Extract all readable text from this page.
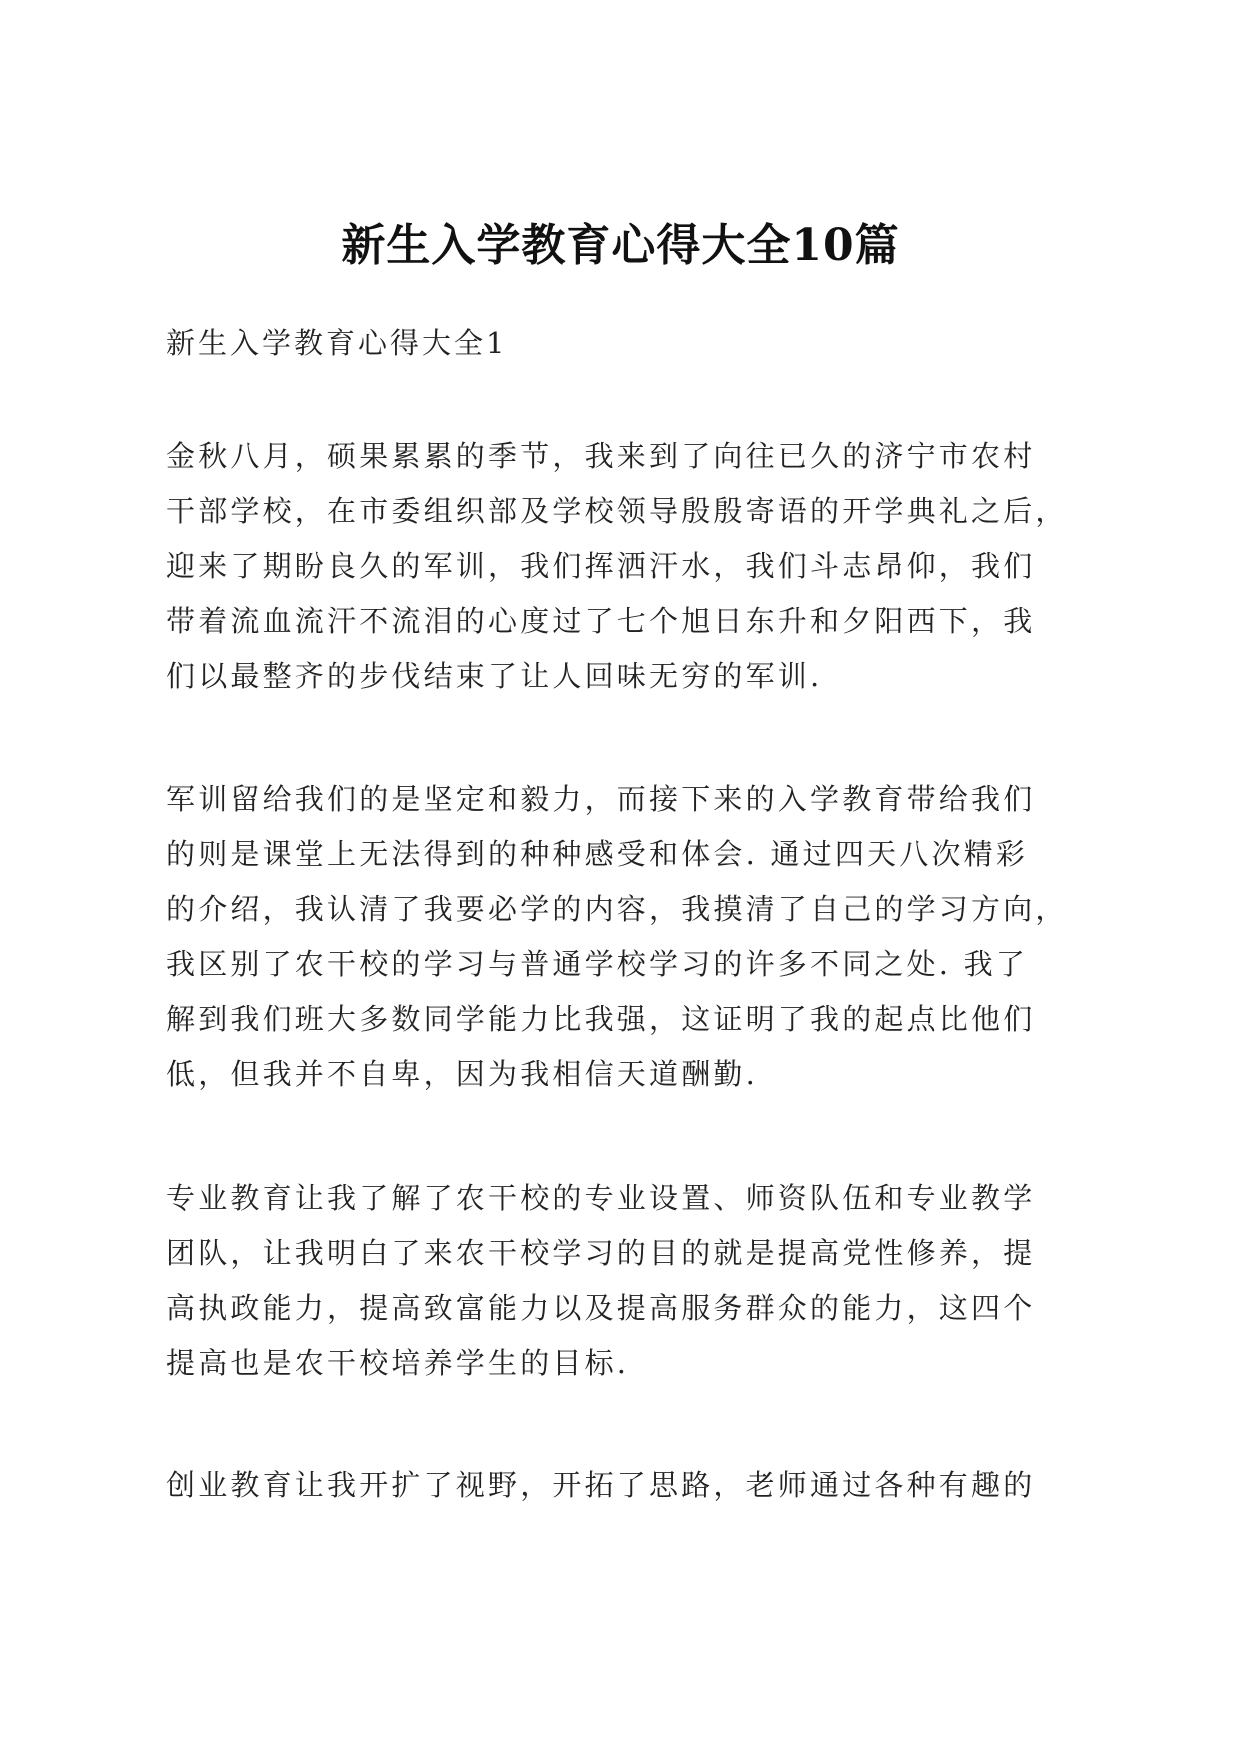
新生入学教育心得大全10篇
新生入学教育心得大全1
金秋八月，硕果累累的季节，我来到了向往已久的济宁市农村
干部学校，在市委组织部及学校领导殷殷寄语的开学典礼之后，
迎来了期盼良久的军训，我们挥洒汗水，我们斗志昂仰，我们
带着流血流汗不流泪的心度过了七个旭日东升和夕阳西下，我
们以最整齐的步伐结束了让人回味无穷的军训.
军训留给我们的是坚定和毅力，而接下来的入学教育带给我们
的则是课堂上无法得到的种种感受和体会. 通过四天八次精彩
的介绍，我认清了我要必学的内容，我摸清了自己的学习方向，
我区别了农干校的学习与普通学校学习的许多不同之处. 我了
解到我们班大多数同学能力比我强，这证明了我的起点比他们
低，但我并不自卑，因为我相信天道酬勤.
专业教育让我了解了农干校的专业设置、师资队伍和专业教学
团队，让我明白了来农干校学习的目的就是提高党性修养，提
高执政能力，提高致富能力以及提高服务群众的能力，这四个
提高也是农干校培养学生的目标.
创业教育让我开扩了视野，开拓了思路，老师通过各种有趣的
